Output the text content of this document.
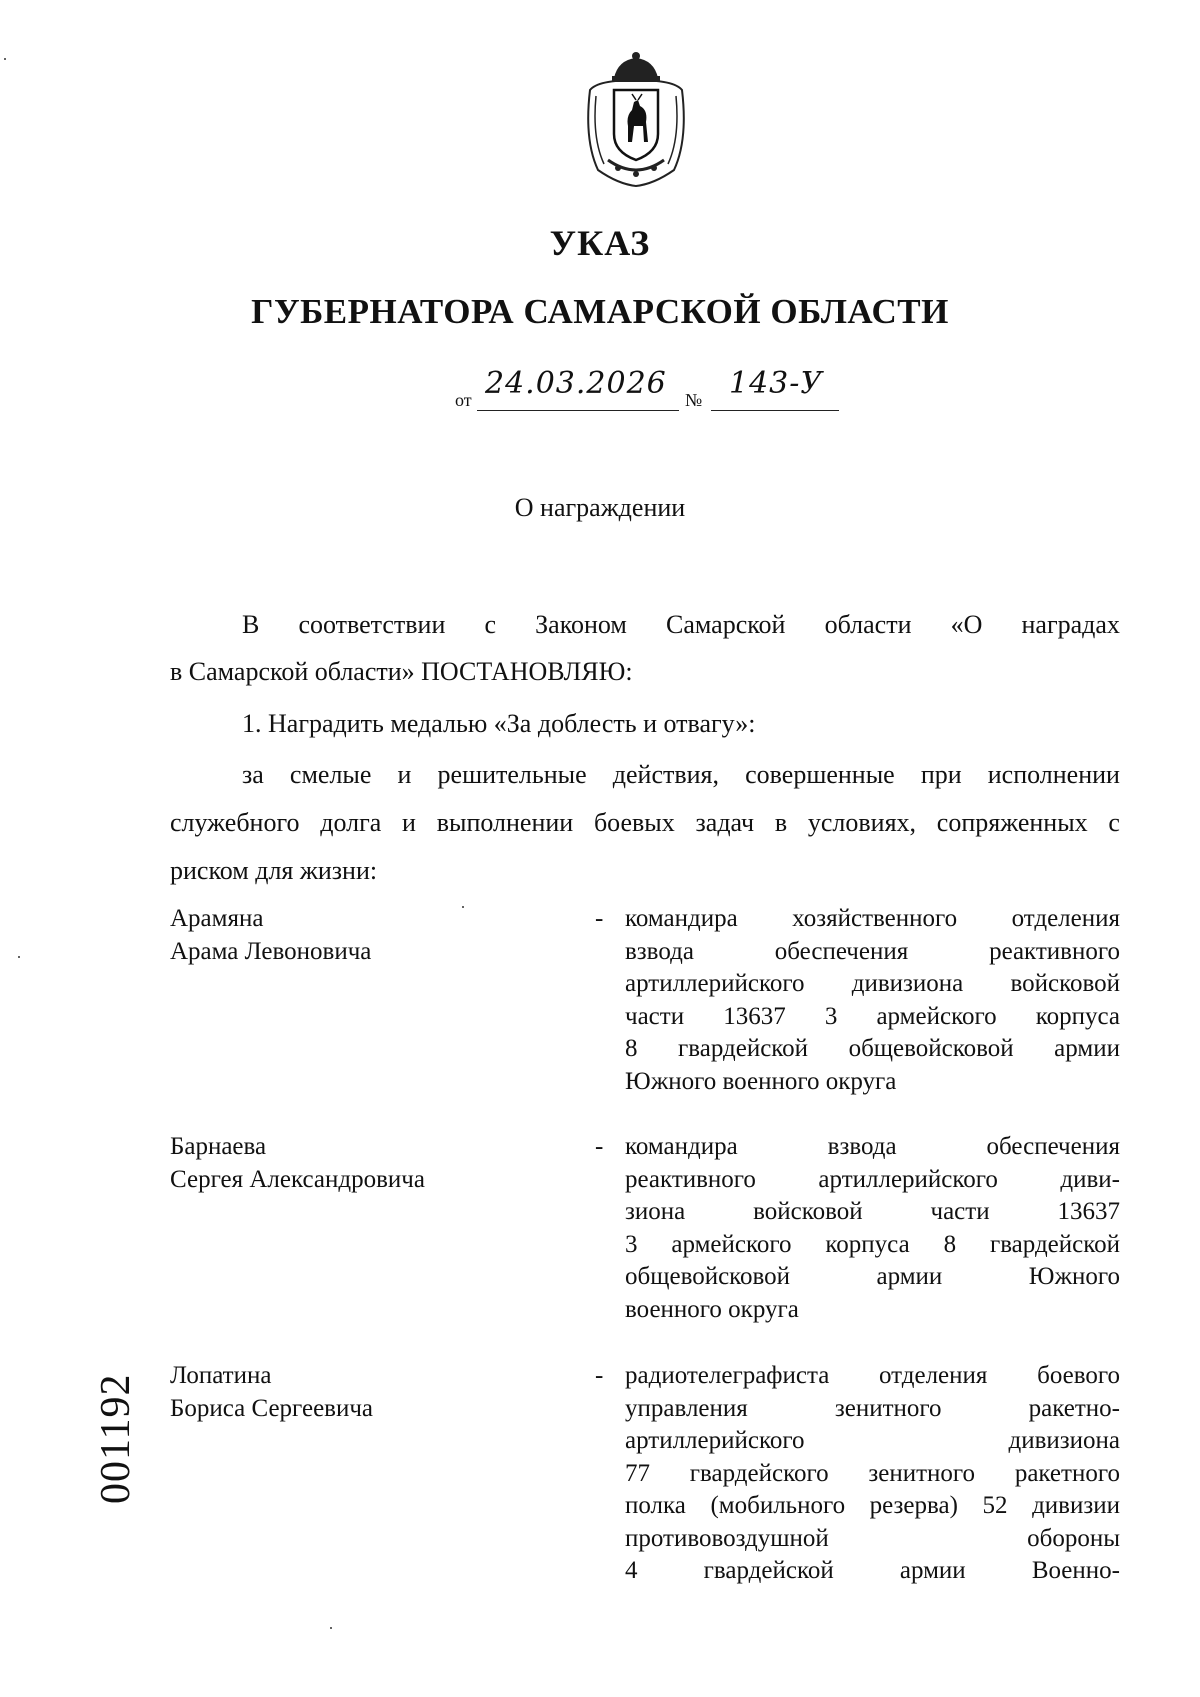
УКАЗ
ГУБЕРНАТОРА САМАРСКОЙ ОБЛАСТИ
от 24.03.2026 № 143-У
О награждении
В соответствии с Законом Самарской области «О наградах
в Самарской области» ПОСТАНОВЛЯЮ:
1. Наградить медалью «За доблесть и отвагу»:
за смелые и решительные действия, совершенные при исполнении
служебного долга и выполнении боевых задач в условиях, сопряженных с
риском для жизни:
Арамяна
Арама Левоновича
- командира хозяйственного отделения
взвода	обеспечения	реактивного
артиллерийского дивизиона войсковой
части 13637 3 армейского корпуса
8 гвардейской общевойсковой армии
Южного военного округа
Барнаева
Сергея Александровича
- командира	взвода	обеспечения
реактивного артиллерийского диви-
зиона	войсковой	части	13637
3 армейского корпуса 8 гвардейской
общевойсковой	армии	Южного
военного округа
Лопатина
Бориса Сергеевича
- радиотелеграфиста отделения боевого
управления	зенитного	ракетно-
артиллерийского	дивизиона
77 гвардейского зенитного ракетного
полка (мобильного резерва) 52 дивизии
противовоздушной	обороны
4	гвардейской	армии	Военно-
001192
